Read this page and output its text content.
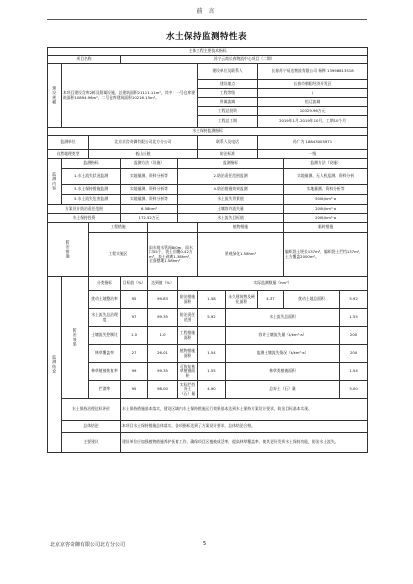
前 言
水土保持监测特性表
主体工程主要技术指标										
项目名称			苏宁云商长春物流中心项目（二期）							
建设规模	本项目建设含库2栋及附属设施，总建筑面积21111.11m²，其中：一号仓库建筑面积10894.96m²，二号仓库建筑面积10216.15m²。					建设单位及联系人		长春苏宁易达物流有限公司 杨桦 13998813518		
						建设地点		长春市朝阳经济开发区		
						工程等级		/		
						所属流域		松辽流域		
						工程总投资		10329.96万元		
						工程总工期		2019年1月-2019年10月，工期10个月		
水土保持监测指标										
监测单位		北京京咨奇御有限公司北方分公司				联系人及电话		孙广为 18843005971		
自然地理类型		低山丘陵				防治标准		一级		
监测内容	监测指标		监测方法（设施）		监测指标				监测方法（设施）	
	1.水土流失状况监测		实地量测、资料分析等		2.防治责任范围监测				实地量测、无人机巡测、资料分析	
	3.水土保持措施监测		实地量测、资料分析等		4.防治措施效果监测				实地量测、资料分析等	
	5.水土流失危害监测		实地量测、资料分析等		水土流失背景值				500t/km²·a	
方案设计防治责任范围			6.58hm²		土壤容许流失量				200t/km²·a	
水土保持投资			172.52万元		水土流失目标值				200t/km²·a	
防治措施		工程措施				植物措施			临时措施	
		工程实施区		雨水排水管网8l0m，雨水口55个，表土回覆0.42万m³，表土剥离1.38hm²，全面整地1.58hm²		景观绿化1.58hm²			编织袋土埂长137m²，编织袋土拦挡137m²，土方覆盖2000m²。	
监测结论	防治效果	分类指标	目标值（%）	达到值（%）	实际监测数量（hm²）					
		扰动土地整治率	95	99.83	防治措施面积	1.58	永久建筑物及硬化面积	4.37	扰动土地总面积	5.92
		水土流失总治理度	97	99.35	防治责任范围	5.92	水土流失总面积			1.55
		土壤流失控制比	1.0	1.0	工程措施面积		容许土壤流失量（t/km²·a）			200
		林草覆盖率	27	26.01	植物措施面积	1.54	监测土壤流失情况（t/km²·a）			200
		林草植被恢复率	99	99.35	可恢复林草植被面积	1.55	林草类植被面积			1.54
		拦渣率	95	98.00	实际拦挡弃土（石）量	4.90	总弃土（石）量			5.00
	水土保持治理达标评价		水土保持措施基本落实，建设区域内水土保持措施运行效果基本达到水土保持方案设计要求，防治目标基本实现。							
	总体结论		本项目水土保持措施总体落实，各项指标达到了方案设计要求，总体结论合格。							
	主要建议		建设单位应加强植物措施养护抚育工作，确保项目区植被成活率，提高林草覆盖率，使其更好发挥水土保持功能，防治水土流失。							
北京京咨奇御有限公司北方分公司	5
